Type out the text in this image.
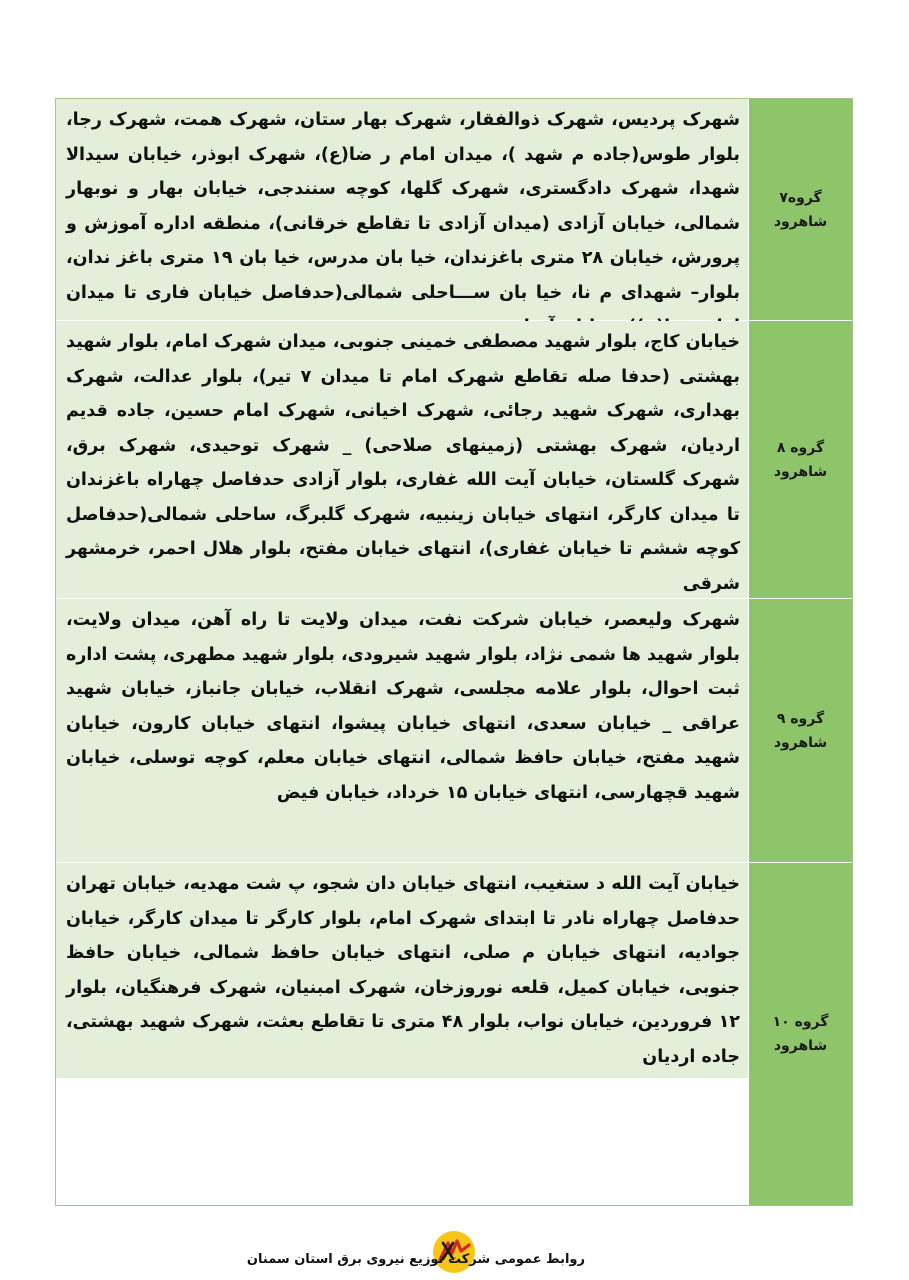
گروه۷
شاهرود
شهرک پردیس، شهرک ذوالفقار، شهرک بهار ستان، شهرک همت، شهرک رجا، بلوار طوس(جاده م شهد )، میدان امام ر ضا(ع)، شهرک ابوذر، خیابان سیدالا شهدا، شهرک دادگستری، شهرک گلها، کوچه سنندجی، خیابان بهار و نوبهار شمالی، خیابان آزادی (میدان آزادی تا تقاطع خرقانی)، منطقه اداره آموزش و پرورش، خیابان ۲۸ متری باغزندان، خیا بان مدرس، خیا بان ۱۹ متری باغز ندان، بلوار– شهدای م نا، خیا بان ســـاحلی شمالی(حدفاصل خیابان فاری تا میدان
گروه ۸
شاهرود
خیابان کاج، بلوار شهید مصطفی خمینی جنوبی، میدان شهرک امام، بلوار شهید بهشتی (حدفا صله تقاطع شهرک امام تا میدان ۷ تیر)، بلوار عدالت، شهرک بهداری، شهرک شهید رجائی، شهرک اخیانی، شهرک امام حسین، جاده قدیم اردیان، شهرک بهشتی (زمینهای صلاحی) _ شهرک توحیدی، شهرک برق، شهرک گلستان، خیابان آیت الله غفاری، بلوار آزادی حدفاصل چهاراه باغزندان تا میدان کارگر، انتهای خیابان زینبیه، شهرک گلبرگ، ساحلی شمالی(حدفاصل کوچه ششم تا خیابان غفاری)، انتهای خیابان مفتح، بلوار هلال احمر، خرمشهر شرقی
گروه ۹
شاهرود
شهرک ولیعصر، خیابان شرکت نفت، میدان ولایت تا راه آهن، میدان ولایت، بلوار شهید ها شمی نژاد، بلوار شهید شیرودی، بلوار شهید مطهری، پشت اداره ثبت احوال، بلوار علامه مجلسی، شهرک انقلاب، خیابان جانباز، خیابان شهید عراقی _ خیابان سعدی، انتهای خیابان پیشوا، انتهای خیابان کارون، خیابان شهید مفتح، خیابان حافظ شمالی، انتهای خیابان معلم، کوچه توسلی، خیابان شهید قچهارسی، انتهای خیابان ۱۵ خرداد، خیابان فیض
گروه ۱۰
شاهرود
خیابان آیت الله د ستغیب، انتهای خیابان دان شجو، پ شت مهدیه، خیابان تهران حدفاصل چهاراه نادر تا ابتدای شهرک امام، بلوار کارگر تا میدان کارگر، خیابان جوادیه، انتهای خیابان م صلی، انتهای خیابان حافظ شمالی، خیابان حافظ جنوبی، خیابان کمیل، قلعه نوروزخان، شهرک امبنیان، شهرک فرهنگیان، بلوار ۱۲ فروردین، خیابان نواب، بلوار ۴۸ متری تا تقاطع بعثت، شهرک شهید بهشتی، جاده اردیان
روابط عمومی شرکت توزیع نیروی برق استان سمنان
